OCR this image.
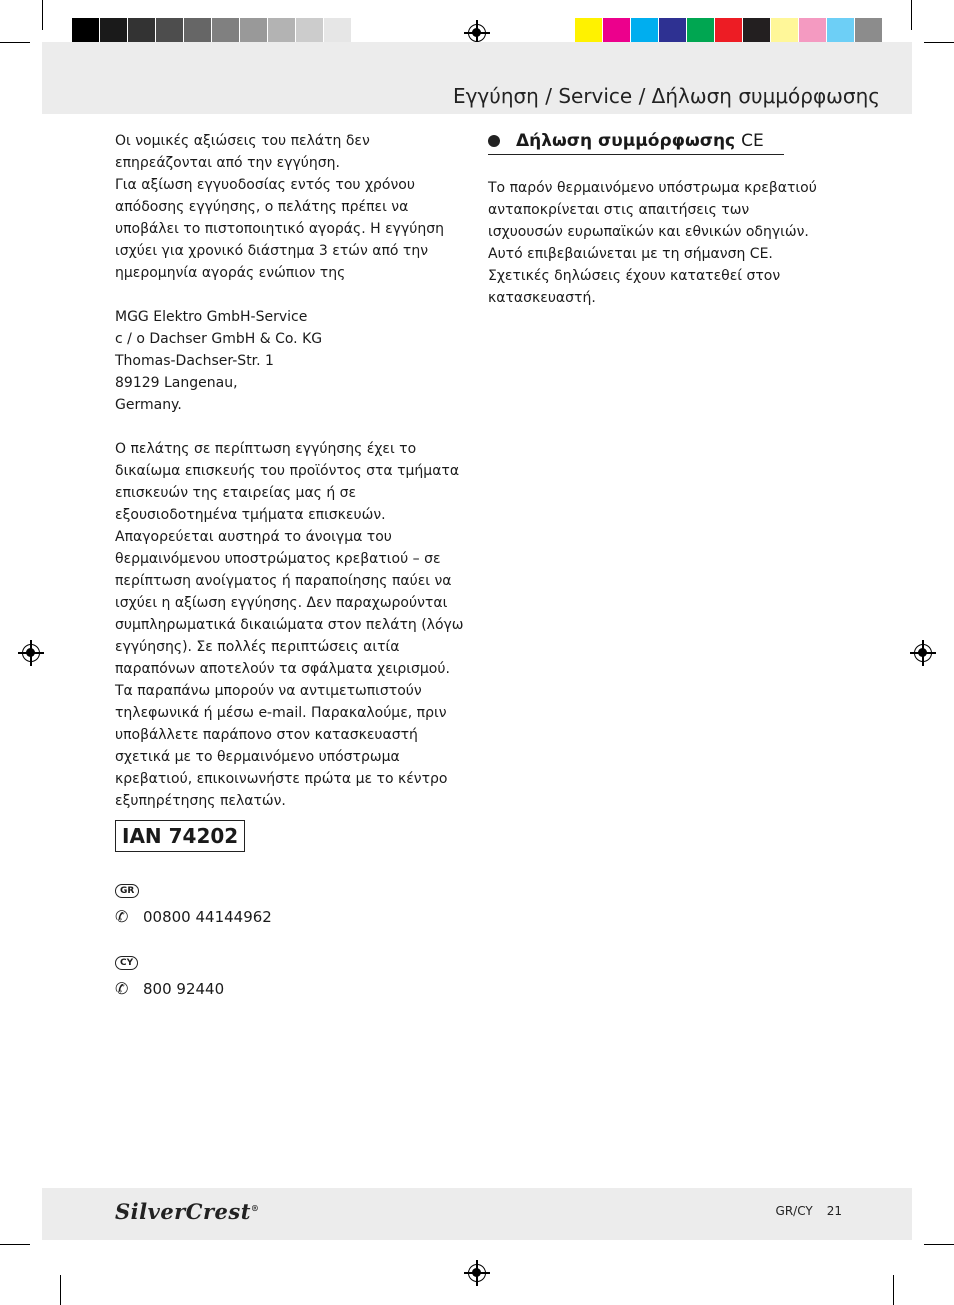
Εγγύηση / Service / Δήλωση συμμόρφωσης

Οι νομικές αξιώσεις του πελάτη δεν επηρεάζονται από την εγγύηση.

Για αξίωση εγγυοδοσίας εντός του χρόνου απόδοσης εγγύησης, ο πελάτης πρέπει να υποβάλει το πιστοποιητικό αγοράς. Η εγγύηση ισχύει για χρονικό διάστημα 3 ετών από την ημερομηνία αγοράς ενώπιον της

MGG Elektro GmbH-Service

c / o Dachser GmbH & Co. KG

Thomas-Dachser-Str. 1

89129 Langenau,

Germany.

Ο πελάτης σε περίπτωση εγγύησης έχει το δικαίωμα επισκευής του προϊόντος στα τμήματα επισκευών της εταιρείας μας ή σε εξουσιοδοτημένα τμήματα επισκευών. Απαγορεύεται αυστηρά το άνοιγμα του θερμαινόμενου υποστρώματος κρεβατιού – σε περίπτωση ανοίγματος ή παραποίησης παύει να ισχύει η αξίωση εγγύησης. Δεν παραχωρούνται συμπληρωματικά δικαιώματα στον πελάτη (λόγω εγγύησης). Σε πολλές περιπτώσεις αιτία παραπόνων αποτελούν τα σφάλματα χειρισμού. Τα παραπάνω μπορούν να αντιμετωπιστούν τηλεφωνικά ή μέσω e-mail. Παρακαλούμε, πριν υποβάλλετε παράπονο στον κατασκευαστή σχετικά με το θερμαινόμενο υπόστρωμα κρεβατιού, επικοινωνήστε πρώτα με το κέντρο εξυπηρέτησης πελατών.

IAN 74202
GR
✆ 00800 44144962
CY
✆ 800 92440
Δήλωση συμμόρφωσης CE

Το παρόν θερμαινόμενο υπόστρωμα κρεβατιού ανταποκρίνεται στις απαιτήσεις των ισχυουσών ευρωπαϊκών και εθνικών οδηγιών.

Αυτό επιβεβαιώνεται με τη σήμανση CE.

Σχετικές δηλώσεις έχουν κατατεθεί στον κατασκευαστή.

SilverCrest®	GR/CY 21
